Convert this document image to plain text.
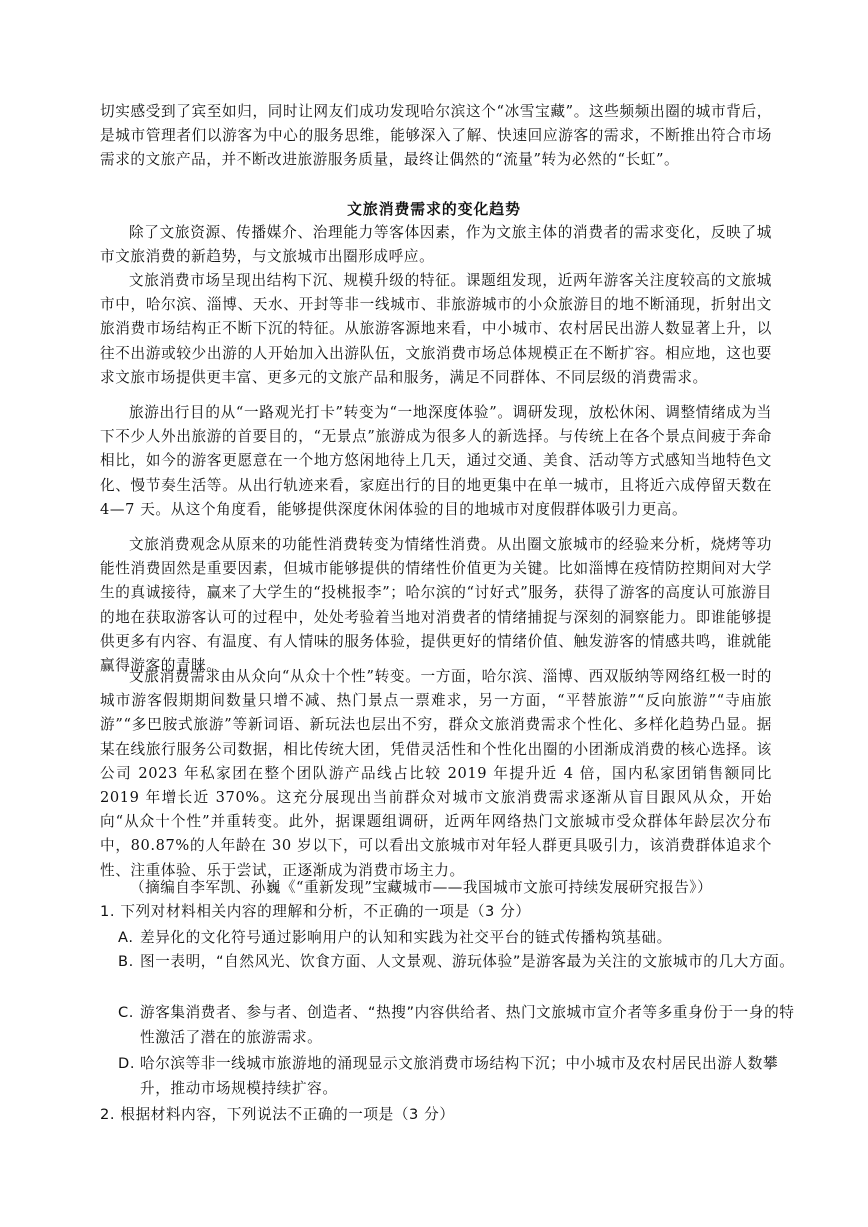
切实感受到了宾至如归，同时让网友们成功发现哈尔滨这个“冰雪宝藏”。这些频频出圈的城市背后，是城市管理者们以游客为中心的服务思维，能够深入了解、快速回应游客的需求，不断推出符合市场需求的文旅产品，并不断改进旅游服务质量，最终让偶然的“流量”转为必然的“长虹”。

文旅消费需求的变化趋势

除了文旅资源、传播媒介、治理能力等客体因素，作为文旅主体的消费者的需求变化，反映了城市文旅消费的新趋势，与文旅城市出圈形成呼应。

文旅消费市场呈现出结构下沉、规模升级的特征。课题组发现，近两年游客关注度较高的文旅城市中，哈尔滨、淄博、天水、开封等非一线城市、非旅游城市的小众旅游目的地不断涌现，折射出文旅消费市场结构正不断下沉的特征。从旅游客源地来看，中小城市、农村居民出游人数显著上升，以往不出游或较少出游的人开始加入出游队伍，文旅消费市场总体规模正在不断扩容。相应地，这也要求文旅市场提供更丰富、更多元的文旅产品和服务，满足不同群体、不同层级的消费需求。

旅游出行目的从“一路观光打卡”转变为“一地深度体验”。调研发现，放松休闲、调整情绪成为当下不少人外出旅游的首要目的，“无景点”旅游成为很多人的新选择。与传统上在各个景点间疲于奔命相比，如今的游客更愿意在一个地方悠闲地待上几天，通过交通、美食、活动等方式感知当地特色文化、慢节奏生活等。从出行轨迹来看，家庭出行的目的地更集中在单一城市，且将近六成停留天数在 4—7 天。从这个角度看，能够提供深度休闲体验的目的地城市对度假群体吸引力更高。

文旅消费观念从原来的功能性消费转变为情绪性消费。从出圈文旅城市的经验来分析，烧烤等功能性消费固然是重要因素，但城市能够提供的情绪性价值更为关键。比如淄博在疫情防控期间对大学生的真诚接待，赢来了大学生的“投桃报李”；哈尔滨的“讨好式”服务，获得了游客的高度认可旅游目的地在获取游客认可的过程中，处处考验着当地对消费者的情绪捕捉与深刻的洞察能力。即谁能够提供更多有内容、有温度、有人情味的服务体验，提供更好的情绪价值、触发游客的情感共鸣，谁就能赢得游客的青睐。

文旅消费需求由从众向“从众十个性”转变。一方面，哈尔滨、淄博、西双版纳等网络红极一时的城市游客假期期间数量只增不减、热门景点一票难求，另一方面，“平替旅游”“反向旅游”“寺庙旅游”“多巴胺式旅游”等新词语、新玩法也层出不穷，群众文旅消费需求个性化、多样化趋势凸显。据某在线旅行服务公司数据，相比传统大团，凭借灵活性和个性化出圈的小团渐成消费的核心选择。该公司 2023 年私家团在整个团队游产品线占比较 2019 年提升近 4 倍，国内私家团销售额同比 2019 年增长近 370%。这充分展现出当前群众对城市文旅消费需求逐渐从盲目跟风从众，开始向“从众十个性”并重转变。此外，据课题组调研，近两年网络热门文旅城市受众群体年龄层次分布中，80.87%的人年龄在 30 岁以下，可以看出文旅城市对年轻人群更具吸引力，该消费群体追求个性、注重体验、乐于尝试，正逐渐成为消费市场主力。

（摘编自李军凯、孙巍《“重新发现”宝藏城市——我国城市文旅可持续发展研究报告》）

1. 下列对材料相关内容的理解和分析，不正确的一项是（3 分）

A. 差异化的文化符号通过影响用户的认知和实践为社交平台的链式传播构筑基础。

B. 图一表明，“自然风光、饮食方面、人文景观、游玩体验”是游客最为关注的文旅城市的几大方面。

C. 游客集消费者、参与者、创造者、“热搜”内容供给者、热门文旅城市宣介者等多重身份于一身的特性激活了潜在的旅游需求。

D. 哈尔滨等非一线城市旅游地的涌现显示文旅消费市场结构下沉；中小城市及农村居民出游人数攀升，推动市场规模持续扩容。

2. 根据材料内容，下列说法不正确的一项是（3 分）
